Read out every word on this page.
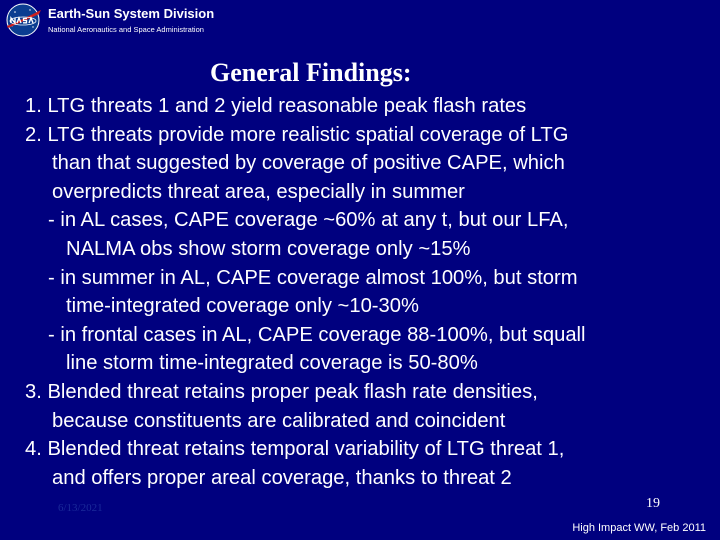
Earth-Sun System Division
National Aeronautics and Space Administration
General Findings:
1. LTG threats 1 and 2 yield reasonable peak flash rates
2. LTG threats provide more realistic spatial coverage of LTG
than that suggested by coverage of positive CAPE, which
overpredicts threat area, especially in summer
- in AL cases, CAPE coverage ~60% at any t, but our LFA,
NALMA obs show storm coverage only ~15%
- in summer in AL, CAPE coverage almost 100%, but storm
time-integrated coverage only ~10-30%
- in frontal cases in AL, CAPE coverage 88-100%, but squall
line storm time-integrated coverage is 50-80%
3. Blended threat retains proper peak flash rate densities,
because constituents are calibrated and coincident
4. Blended threat retains temporal variability of LTG threat 1,
and offers proper areal coverage, thanks to threat 2
6/13/2021	19
High Impact WW, Feb 2011
